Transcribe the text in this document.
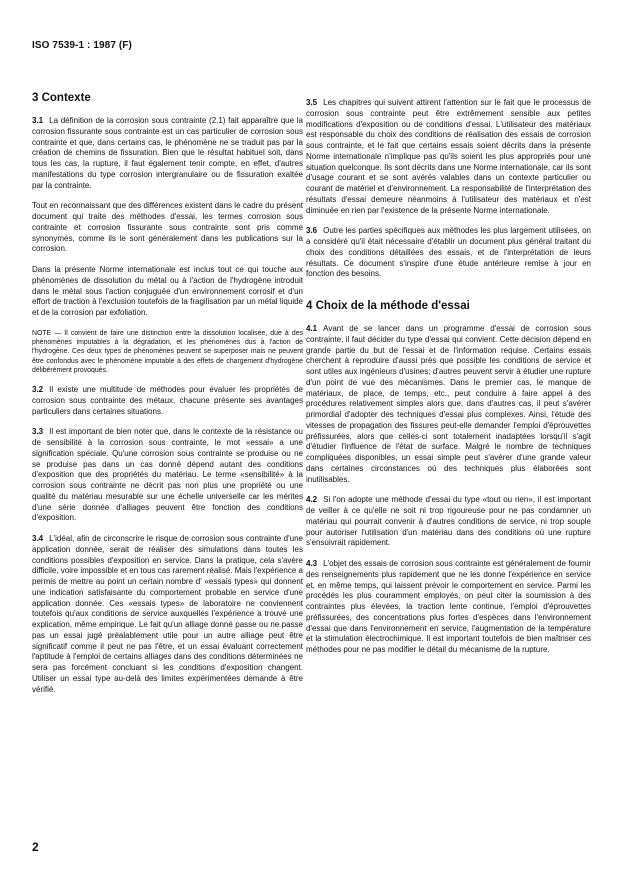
ISO 7539-1 : 1987 (F)
3 Contexte

3.1 La définition de la corrosion sous contrainte (2.1) fait apparaître que la corrosion fissurante sous contrainte est un cas particulier de corrosion sous contrainte et que, dans certains cas, le phénomène ne se traduit pas par la création de chemins de fissuration. Bien que le résultat habituel soit, dans tous les cas, la rupture, il faut également tenir compte, en effet, d'autres manifestations du type corrosion intergranulaire ou de fissuration exaltée par la contrainte.

Tout en reconnaissant que des différences existent dans le cadre du présent document qui traite des méthodes d'essai, les termes corrosion sous contrainte et corrosion fissurante sous contrainte sont pris comme synonymes, comme ils le sont généralement dans les publications sur la corrosion.

Dans la présente Norme internationale est inclus tout ce qui touche aux phénomènes de dissolution du métal ou à l'action de l'hydrogène introduit dans le métal sous l'action conjuguée d'un environnement corrosif et d'un effort de traction à l'exclusion toutefois de la fragilisation par un métal liquide et de la corrosion par exfoliation.

NOTE — Il convient de faire une distinction entre la dissolution localisée, due à des phénomènes imputables à la dégradation, et les phénomènes dus à l'action de l'hydrogène. Ces deux types de phénomènes peuvent se superposer mais ne peuvent être confondus avec le phénomène imputable à des effets de chargement d'hydrogène délibérément provoqués.

3.2 Il existe une multitude de méthodes pour évaluer les propriétés de corrosion sous contrainte des métaux, chacune présente ses avantages particuliers dans certaines situations.

3.3 Il est important de bien noter que, dans le contexte de la résistance ou de sensibilité à la corrosion sous contrainte, le mot «essai» a une signification spéciale. Qu'une corrosion sous contrainte se produise ou ne se produise pas dans un cas donné dépend autant des conditions d'exposition que des propriétés du matériau. Le terme «sensibilité» à la corrosion sous contrainte ne décrit pas non plus une propriété ou une qualité du matériau mesurable sur une échelle universelle car les mérites d'une série donnée d'alliages peuvent être fonction des conditions d'exposition.

3.4 L'idéal, afin de circonscrire le risque de corrosion sous contrainte d'une application donnée, serait de réaliser des simulations dans toutes les conditions possibles d'exposition en service. Dans la pratique, cela s'avère difficile, voire impossible et en tous cas rarement réalisé. Mais l'expérience a permis de mettre au point un certain nombre d' «essais types» qui donnent une indication satisfaisante du comportement probable en service d'une application donnée. Ces «essais types» de laboratoire ne conviennent toutefois qu'aux conditions de service auxquelles l'expérience a trouvé une explication, même empirique. Le fait qu'un alliage donné passe ou ne passe pas un essai jugé préalablement utile pour un autre alliage peut être significatif comme il peut ne pas l'être, et un essai évaluant correctement l'aptitude à l'emploi de certains alliages dans des conditions déterminées ne sera pas forcément concluant si les conditions d'exposition changent. Utiliser un essai type au-delà des limites expérimentées demande à être vérifié.

3.5 Les chapitres qui suivent attirent l'attention sur le fait que le processus de corrosion sous contrainte peut être extrêmement sensible aux petites modifications d'exposition ou de conditions d'essai. L'utilisateur des matériaux est responsable du choix des conditions de réalisation des essais de corrosion sous contrainte, et le fait que certains essais soient décrits dans la présente Norme internationale n'implique pas qu'ils soient les plus appropriés pour une situation quelconque. Ils sont décrits dans une Norme internationale, car ils sont d'usage courant et se sont avérés valables dans un contexte particulier ou courant de matériel et d'environnement. La responsabilité de l'interprétation des résultats d'essai demeure néanmoins à l'utilisateur des matériaux et n'est diminuée en rien par l'existence de la présente Norme internationale.

3.6 Outre les parties spécifiques aux méthodes les plus largement utilisées, on a considéré qu'il était nécessaire d'établir un document plus général traitant du choix des conditions détaillées des essais, et de l'interprétation de leurs résultats. Ce document s'inspire d'une étude antérieure remise à jour en fonction des besoins.

4 Choix de la méthode d'essai

4.1 Avant de se lancer dans un programme d'essai de corrosion sous contrainte, il faut décider du type d'essai qui convient. Cette décision dépend en grande partie du but de l'essai et de l'information requise. Certains essais cherchent à reproduire d'aussi près que possible les conditions de service et sont utiles aux ingénieurs d'usines; d'autres peuvent servir à étudier une rupture d'un point de vue des mécanismes. Dans le premier cas, le manque de matériaux, de place, de temps, etc., peut conduire à faire appel à des procédures relativement simples alors que, dans d'autres cas, il peut s'avérer primordial d'adopter des techniques d'essai plus complexes. Ainsi, l'étude des vitesses de propagation des fissures peut-elle demander l'emploi d'éprouvettes préfissurées, alors que celles-ci sont totalement inadaptées lorsqu'il s'agit d'étudier l'influence de l'état de surface. Malgré le nombre de techniques compliquées disponibles, un essai simple peut s'avérer d'une grande valeur dans certaines circonstances où des techniques plus élaborées sont inutilisables.

4.2 Si l'on adopte une méthode d'essai du type «tout ou rien», il est important de veiller à ce qu'elle ne soit ni trop rigoureuse pour ne pas condamner un matériau qui pourrait convenir à d'autres conditions de service, ni trop souple pour autoriser l'utilisation d'un matériau dans des conditions où une rupture s'ensuivrait rapidement.

4.3 L'objet des essais de corrosion sous contrainte est généralement de fournir des renseignements plus rapidement que ne les donne l'expérience en service et, en même temps, qui laissent prévoir le comportement en service. Parmi les procédés les plus couramment employés, on peut citer la soumission à des contraintes plus élevées, la traction lente continue, l'emploi d'éprouvettes préfissurées, des concentrations plus fortes d'espèces dans l'environnement d'essai que dans l'environnement en service, l'augmentation de la température et la stimulation électrochimique. Il est important toutefois de bien maîtriser ces méthodes pour ne pas modifier le détail du mécanisme de la rupture.

2
